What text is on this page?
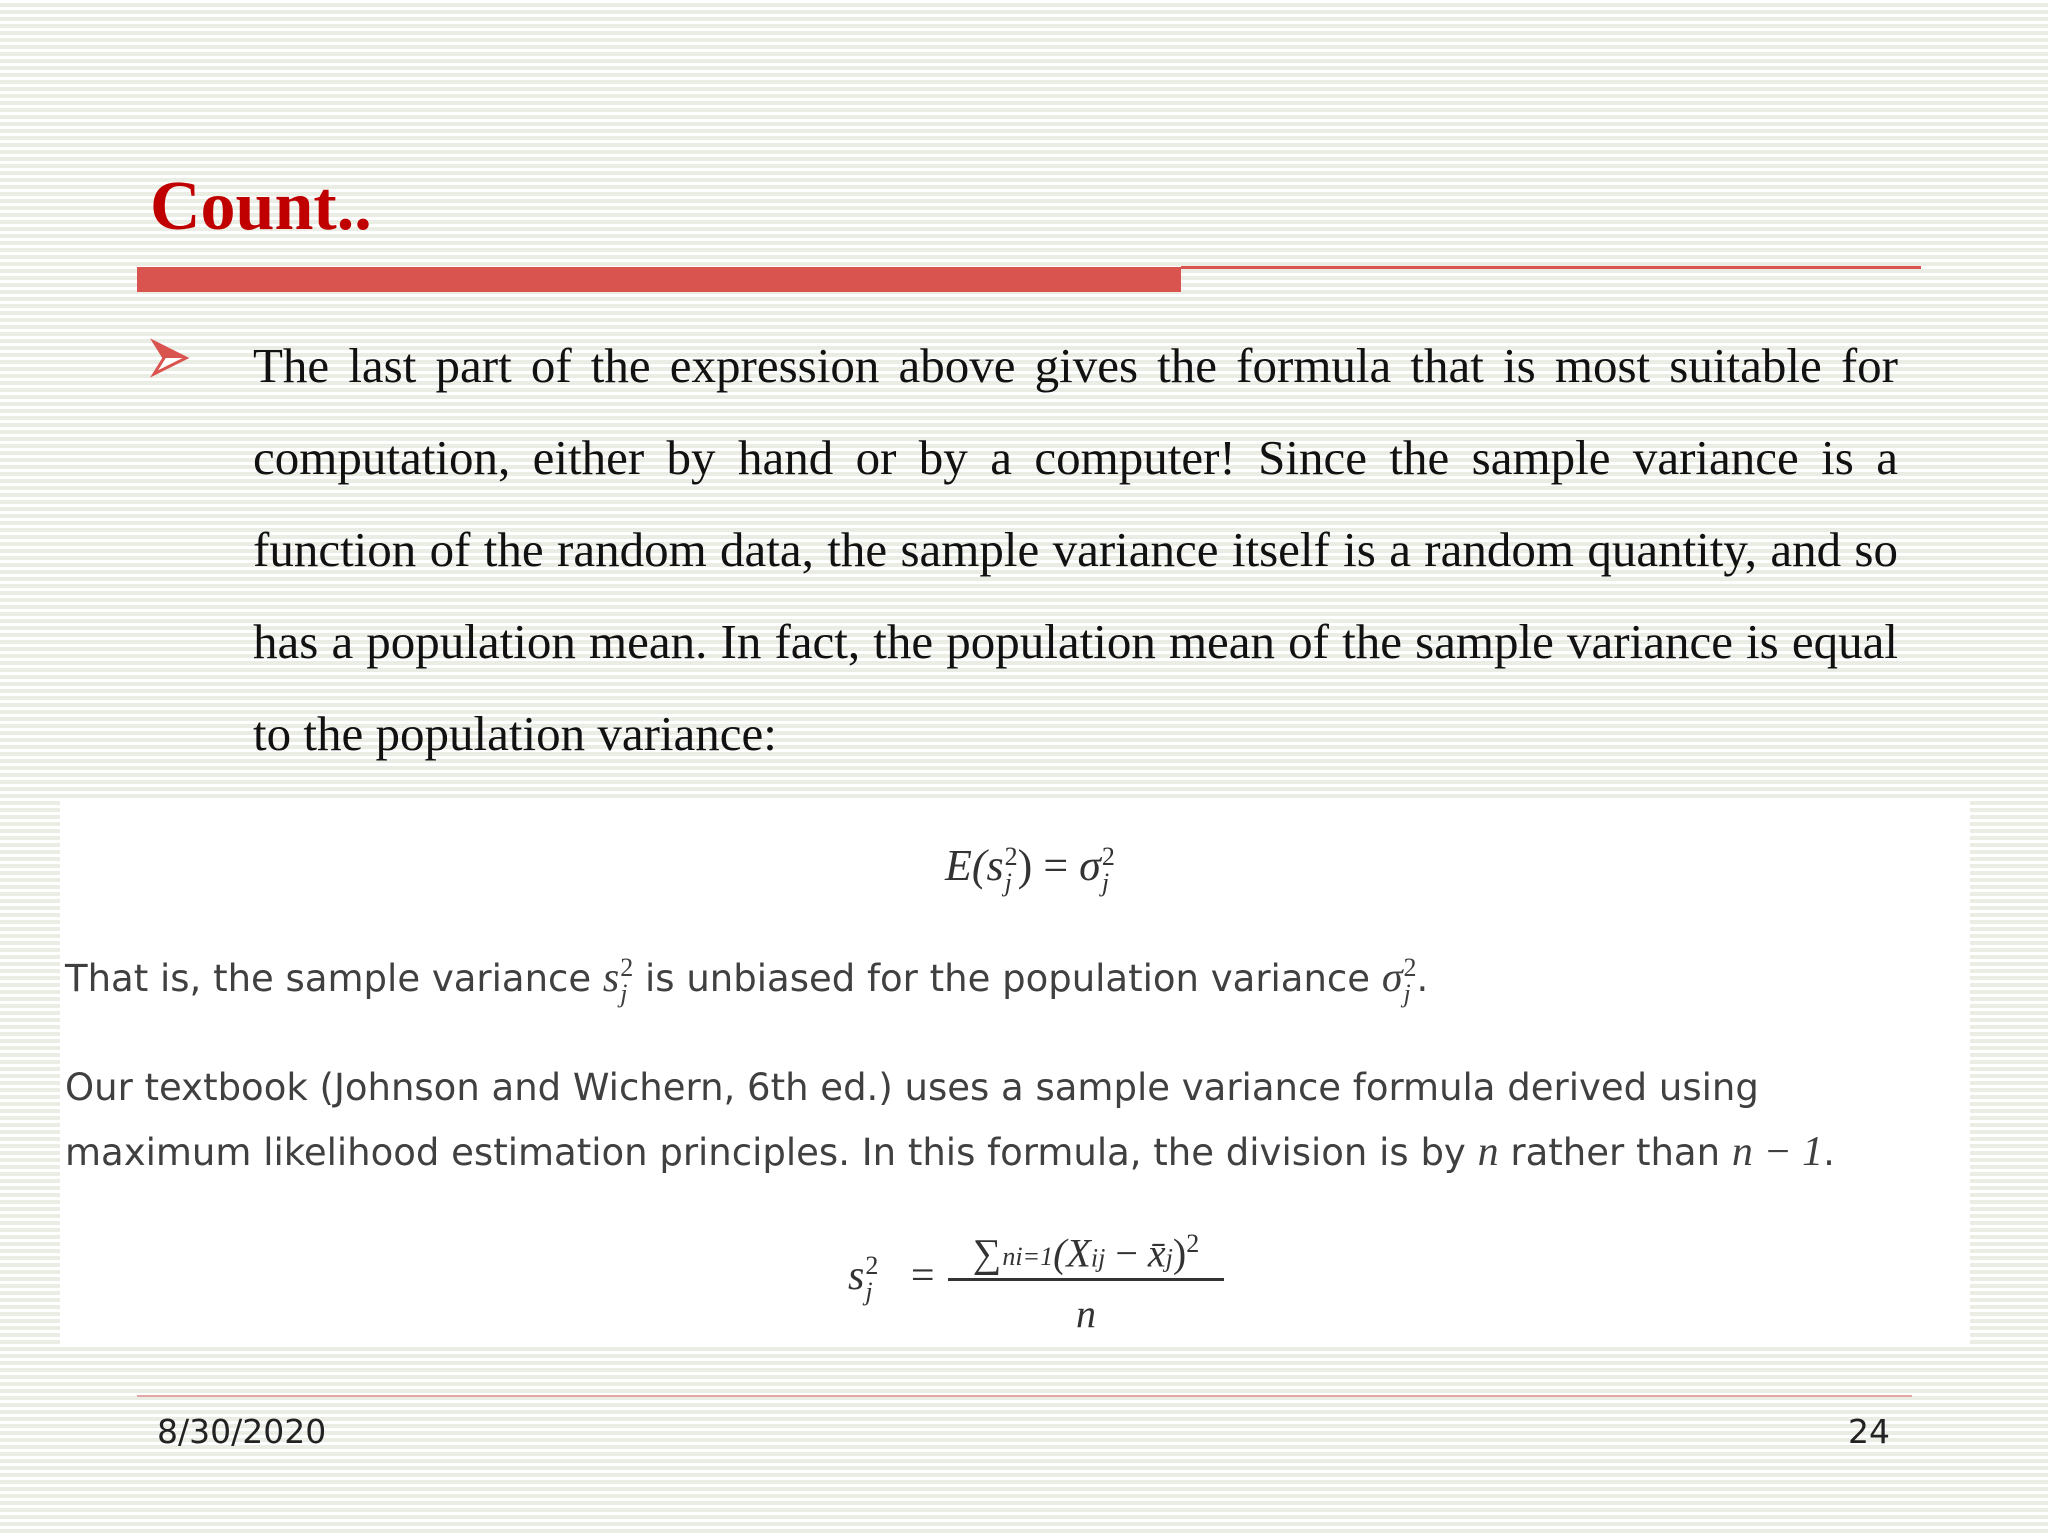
Count..

The last part of the expression above gives the formula that is most suitable for computation, either by hand or by a computer! Since the sample variance is a function of the random data, the sample variance itself is a random quantity, and so has a population mean. In fact, the population mean of the sample variance is equal to the population variance:

E(s 2
j ) = σ 2
j

That is, the sample variance s 2
j is unbiased for the population variance σ 2
j .

Our textbook (Johnson and Wichern, 6th ed.) uses a sample variance formula derived using maximum likelihood estimation principles. In this formula, the division is by n rather than n − 1.

s 2
j =
∑ni=1(Xij − x̄j)$^2$
n
8/30/2020	24
